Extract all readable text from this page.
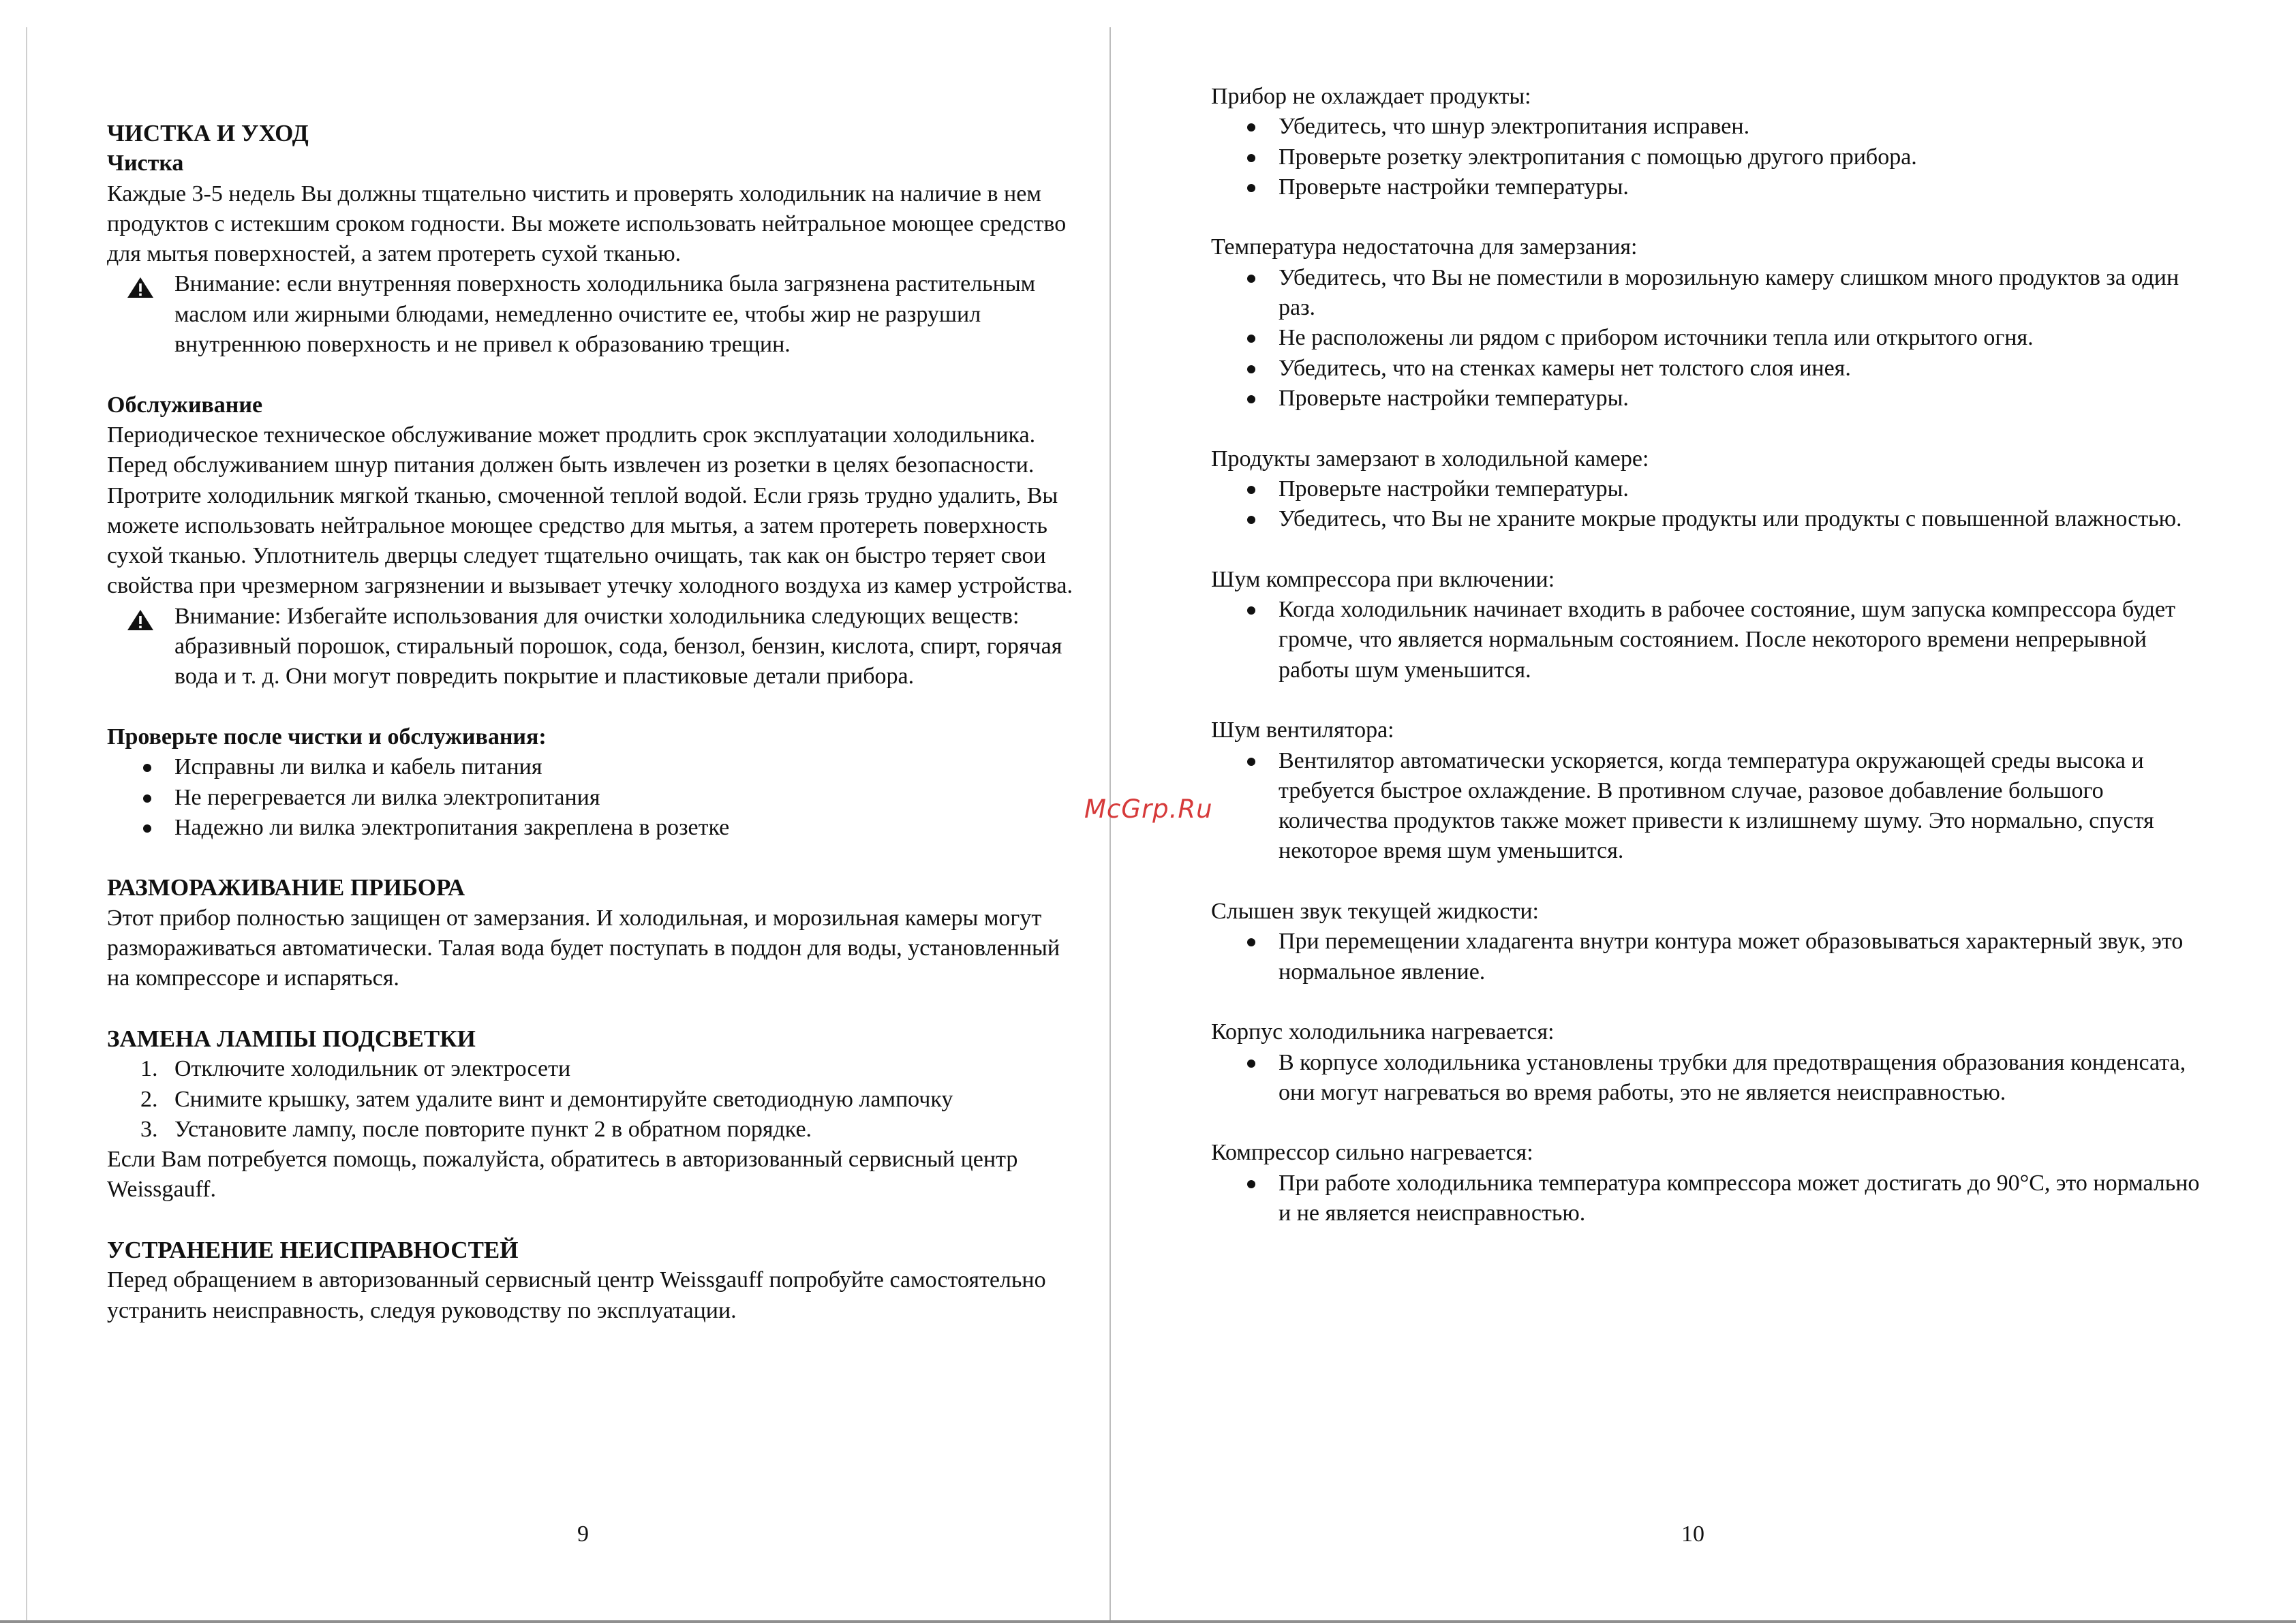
ЧИСТКА И УХОД
Чистка

Каждые 3-5 недель Вы должны тщательно чистить и проверять холодильник на наличие в нем продуктов с истекшим сроком годности. Вы можете использовать нейтральное моющее средство для мытья поверхностей, а затем протереть сухой тканью.

Внимание: если внутренняя поверхность холодильника была загрязнена растительным маслом или жирными блюдами, немедленно очистите ее, чтобы жир не разрушил внутреннюю поверхность и не привел к образованию трещин.
Обслуживание

Периодическое техническое обслуживание может продлить срок эксплуатации холодильника. Перед обслуживанием шнур питания должен быть извлечен из розетки в целях безопасности. Протрите холодильник мягкой тканью, смоченной теплой водой. Если грязь трудно удалить, Вы можете использовать нейтральное моющее средство для мытья, а затем протереть поверхность сухой тканью. Уплотнитель дверцы следует тщательно очищать, так как он быстро теряет свои свойства при чрезмерном загрязнении и вызывает утечку холодного воздуха из камер устройства.

Внимание: Избегайте использования для очистки холодильника следующих веществ: абразивный порошок, стиральный порошок, сода, бензол, бензин, кислота, спирт, горячая вода и т. д. Они могут повредить покрытие и пластиковые детали прибора.
Проверьте после чистки и обслуживания:
Исправны ли вилка и кабель питания
Не перегревается ли вилка электропитания
Надежно ли вилка электропитания закреплена в розетке
РАЗМОРАЖИВАНИЕ ПРИБОРА

Этот прибор полностью защищен от замерзания. И холодильная, и морозильная камеры могут размораживаться автоматически. Талая вода будет поступать в поддон для воды, установленный на компрессоре и испаряться.

ЗАМЕНА ЛАМПЫ ПОДСВЕТКИ
1. Отключите холодильник от электросети
2. Снимите крышку, затем удалите винт и демонтируйте светодиодную лампочку
3. Установите лампу, после повторите пункт 2 в обратном порядке.

Если Вам потребуется помощь, пожалуйста, обратитесь в авторизованный сервисный центр Weissgauff.

УСТРАНЕНИЕ НЕИСПРАВНОСТЕЙ

Перед обращением в авторизованный сервисный центр Weissgauff попробуйте самостоятельно устранить неисправность, следуя руководству по эксплуатации.

Прибор не охлаждает продукты:

Убедитесь, что шнур электропитания исправен.
Проверьте розетку электропитания с помощью другого прибора.
Проверьте настройки температуры.

Температура недостаточна для замерзания:

Убедитесь, что Вы не поместили в морозильную камеру слишком много продуктов за один раз.
Не расположены ли рядом с прибором источники тепла или открытого огня.
Убедитесь, что на стенках камеры нет толстого слоя инея.
Проверьте настройки температуры.

Продукты замерзают в холодильной камере:

Проверьте настройки температуры.
Убедитесь, что Вы не храните мокрые продукты или продукты с повышенной влажностью.

Шум компрессора при включении:

Когда холодильник начинает входить в рабочее состояние, шум запуска компрессора будет громче, что является нормальным состоянием. После некоторого времени непрерывной работы шум уменьшится.

Шум вентилятора:

Вентилятор автоматически ускоряется, когда температура окружающей среды высока и требуется быстрое охлаждение. В противном случае, разовое добавление большого количества продуктов также может привести к излишнему шуму. Это нормально, спустя некоторое время шум уменьшится.

Слышен звук текущей жидкости:

При перемещении хладагента внутри контура может образовываться характерный звук, это нормальное явление.

Корпус холодильника нагревается:

В корпусе холодильника установлены трубки для предотвращения образования конденсата, они могут нагреваться во время работы, это не является неисправностью.

Компрессор сильно нагревается:

При работе холодильника температура компрессора может достигать до 90°С, это нормально и не является неисправностью.
9	10
McGrp.Ru
